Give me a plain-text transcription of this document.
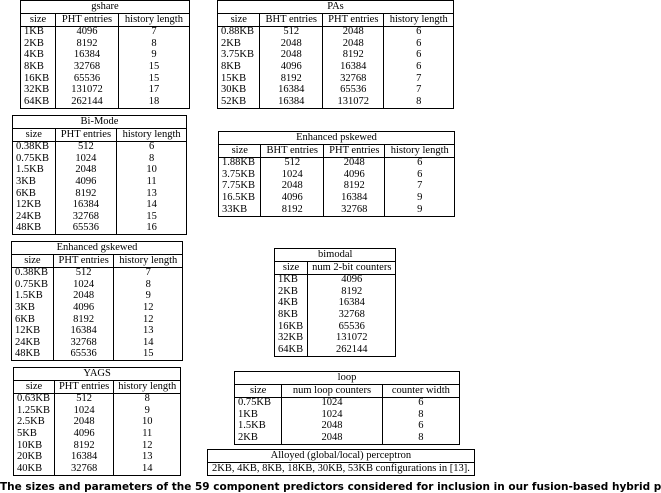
gshare
size	PHT entries	history length
1KB	4096	7
2KB	8192	8
4KB	16384	9
8KB	32768	15
16KB	65536	15
32KB	131072	17
64KB	262144	18
PAs
size	BHT entries	PHT entries	history length
0.88KB	512	2048	6
2KB	2048	2048	6
3.75KB	2048	8192	6
8KB	4096	16384	6
15KB	8192	32768	7
30KB	16384	65536	7
52KB	16384	131072	8
Bi-Mode
size	PHT entries	history length
0.38KB	512	6
0.75KB	1024	8
1.5KB	2048	10
3KB	4096	11
6KB	8192	13
12KB	16384	14
24KB	32768	15
48KB	65536	16
Enhanced pskewed
size	BHT entries	PHT entries	history length
1.88KB	512	2048	6
3.75KB	1024	4096	6
7.75KB	2048	8192	7
16.5KB	4096	16384	9
33KB	8192	32768	9
Enhanced gskewed
size	PHT entries	history length
0.38KB	512	7
0.75KB	1024	8
1.5KB	2048	9
3KB	4096	12
6KB	8192	12
12KB	16384	13
24KB	32768	14
48KB	65536	15
bimodal
size	num 2-bit counters
1KB	4096
2KB	8192
4KB	16384
8KB	32768
16KB	65536
32KB	131072
64KB	262144
YAGS
size	PHT entries	history length
0.63KB	512	8
1.25KB	1024	9
2.5KB	2048	10
5KB	4096	11
10KB	8192	12
20KB	16384	13
40KB	32768	14
loop
size	num loop counters	counter width
0.75KB	1024	6
1KB	1024	8
1.5KB	2048	6
2KB	2048	8
Alloyed (global/local) perceptron
2KB, 4KB, 8KB, 18KB, 30KB, 53KB configurations in [13].
The sizes and parameters of the 59 component predictors considered for inclusion in our fusion-based hybrid p
